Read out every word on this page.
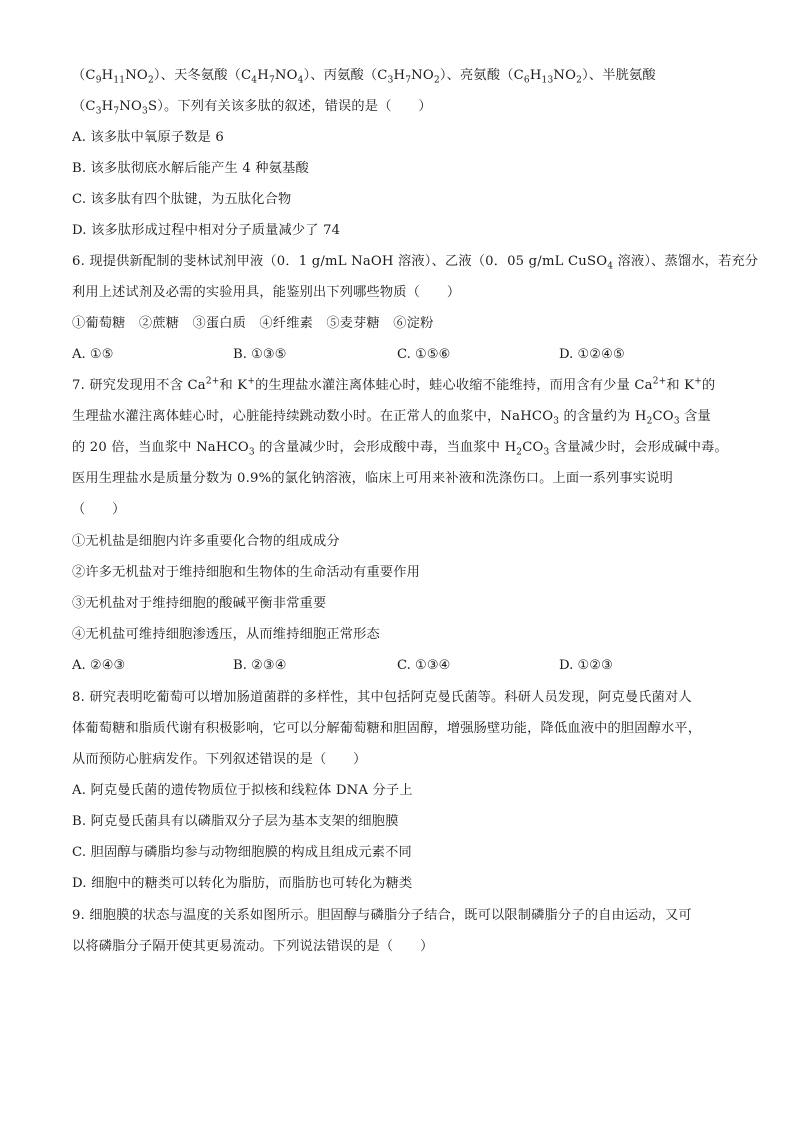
$(C_9H_{11}NO_2)$、天冬氨酸$(C_4H_7NO_4)$、丙氨酸$(C_3H_7NO_2)$、亮氨酸$(C_6H_{13}NO_2)$、半胱氨酸
$(C_3H_7NO_3S)$。下列有关该多肽的叙述，错误的是（　　）
A. 该多肽中氧原子数是 6
B. 该多肽彻底水解后能产生 4 种氨基酸
C. 该多肽有四个肽键，为五肽化合物
D. 该多肽形成过程中相对分子质量减少了 74
6. 现提供新配制的斐林试剂甲液（0．1 g/mL NaOH 溶液）、乙液（0．05 g/mL CuSO$_4$ 溶液）、蒸馏水，若充分
利用上述试剂及必需的实验用具，能鉴别出下列哪些物质（　　）
①葡萄糖　②蔗糖　③蛋白质　④纤维素　⑤麦芽糖　⑥淀粉
A. ①⑤	B. ①③⑤	C. ①⑤⑥	D. ①②④⑤
7. 研究发现用不含 $Ca^{2+}$和 K+的生理盐水灌注离体蛙心时，蛙心收缩不能维持，而用含有少量 $Ca^{2+}$和 K+的
生理盐水灌注离体蛙心时，心脏能持续跳动数小时。在正常人的血浆中，NaHCO$_3$ 的含量约为 $H_2CO_3$ 含量
的 20 倍，当血浆中 NaHCO$_3$ 的含量减少时，会形成酸中毒，当血浆中 $H_2CO_3$ 含量减少时，会形成碱中毒。
医用生理盐水是质量分数为 0.9%的氯化钠溶液，临床上可用来补液和洗涤伤口。上面一系列事实说明
（　　）
①无机盐是细胞内许多重要化合物的组成成分
②许多无机盐对于维持细胞和生物体的生命活动有重要作用
③无机盐对于维持细胞的酸碱平衡非常重要
④无机盐可维持细胞渗透压，从而维持细胞正常形态
A. ②④③	B. ②③④	C. ①③④	D. ①②③
8. 研究表明吃葡萄可以增加肠道菌群的多样性，其中包括阿克曼氏菌等。科研人员发现，阿克曼氏菌对人
体葡萄糖和脂质代谢有积极影响，它可以分解葡萄糖和胆固醇，增强肠壁功能，降低血液中的胆固醇水平，
从而预防心脏病发作。下列叙述错误的是（　　）
A. 阿克曼氏菌的遗传物质位于拟核和线粒体 DNA 分子上
B. 阿克曼氏菌具有以磷脂双分子层为基本支架的细胞膜
C. 胆固醇与磷脂均参与动物细胞膜的构成且组成元素不同
D. 细胞中的糖类可以转化为脂肪，而脂肪也可转化为糖类
9. 细胞膜的状态与温度的关系如图所示。胆固醇与磷脂分子结合，既可以限制磷脂分子的自由运动，又可
以将磷脂分子隔开使其更易流动。下列说法错误的是（　　）
